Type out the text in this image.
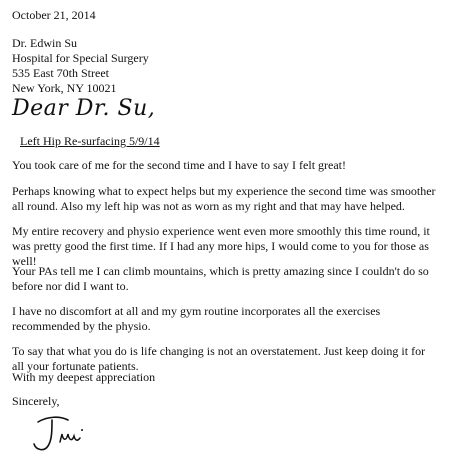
October 21, 2014
Dr. Edwin Su
Hospital for Special Surgery
535 East 70th Street
New York, NY 10021
Dear Dr. Su,
Left Hip Re-surfacing 5/9/14
You took care of me for the second time and I have to say I felt great!
Perhaps knowing what to expect helps but my experience the second time was smoother all round. Also my left hip was not as worn as my right and that may have helped.
My entire recovery and physio experience went even more smoothly this time round, it was pretty good the first time. If I had any more hips, I would come to you for those as well!
Your PAs tell me I can climb mountains, which is pretty amazing since I couldn't do so before nor did I want to.
I have no discomfort at all and my gym routine incorporates all the exercises recommended by the physio.
To say that what you do is life changing is not an overstatement. Just keep doing it for all your fortunate patients.
With my deepest appreciation
Sincerely,
